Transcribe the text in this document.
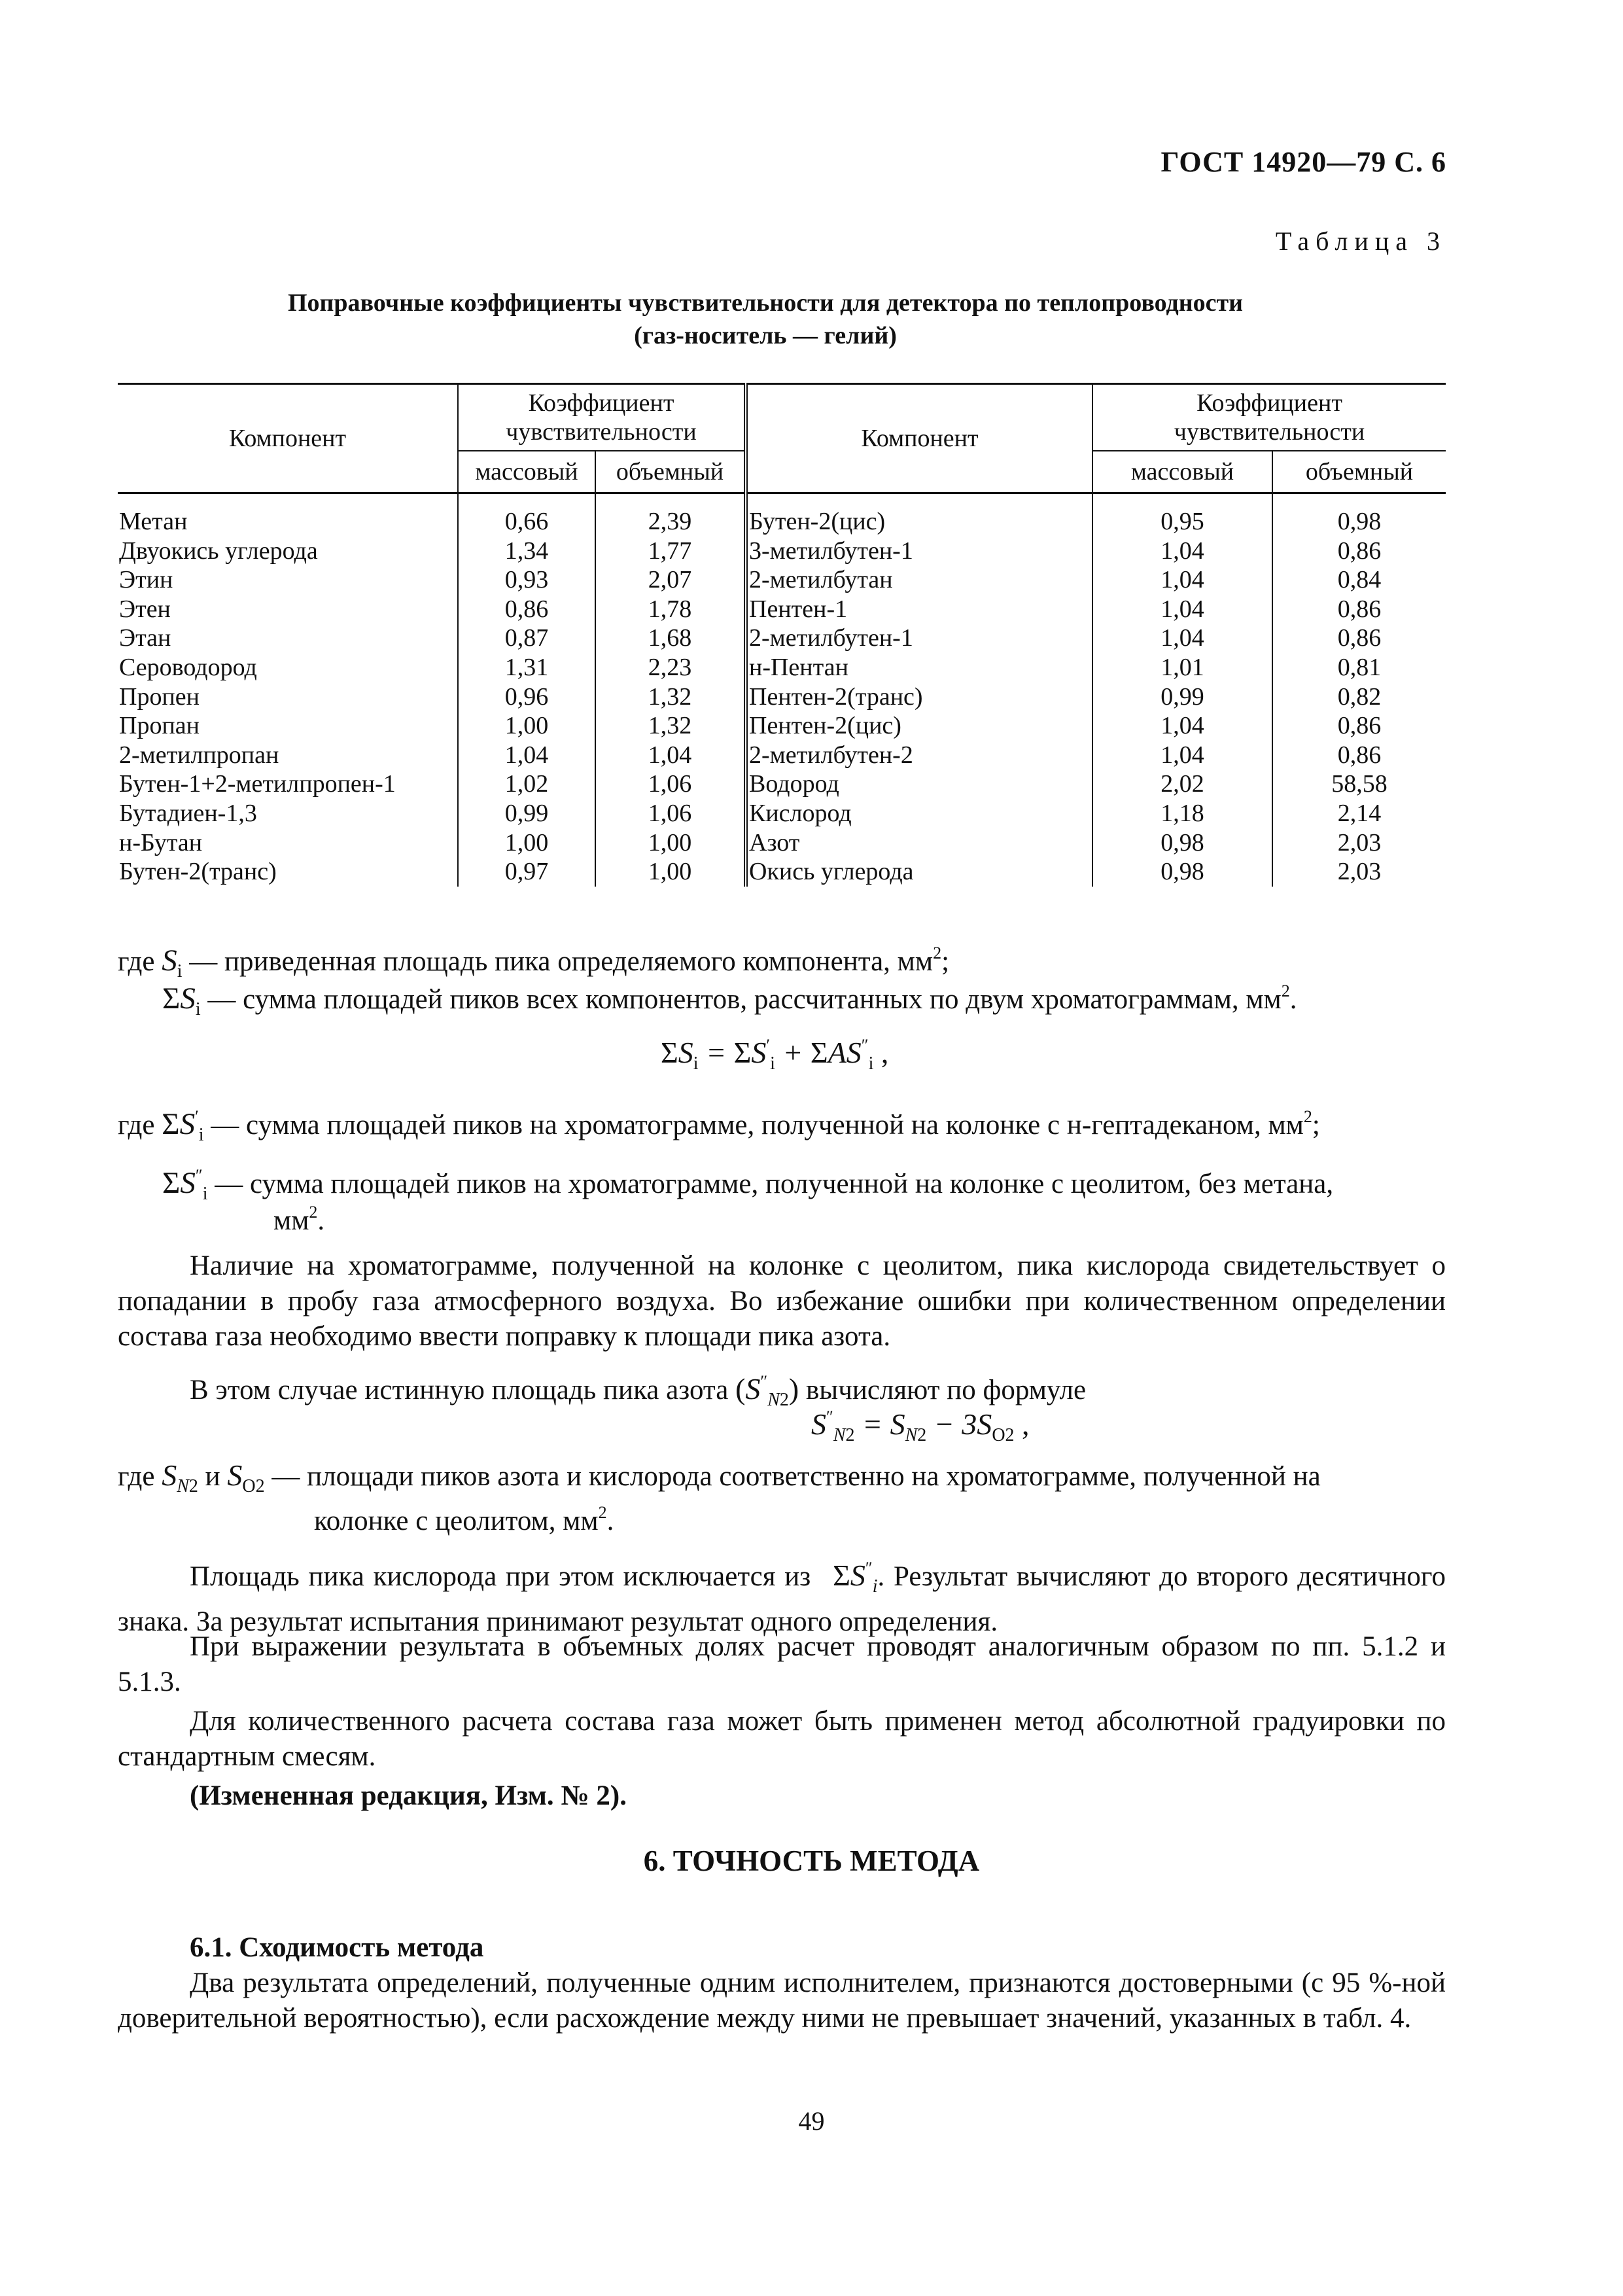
ГОСТ 14920—79 С. 6
Таблица 3
Поправочные коэффициенты чувствительности для детектора по теплопроводности
(газ-носитель — гелий)
Компонент	Коэффициент чувствительности		Компонент	Коэффициент чувствительности	
	массовый	объемный		массовый	объемный
Метан	0,66	2,39	Бутен-2(цис)	0,95	0,98
Двуокись углерода	1,34	1,77	3-метилбутен-1	1,04	0,86
Этин	0,93	2,07	2-метилбутан	1,04	0,84
Этен	0,86	1,78	Пентен-1	1,04	0,86
Этан	0,87	1,68	2-метилбутен-1	1,04	0,86
Сероводород	1,31	2,23	н-Пентан	1,01	0,81
Пропен	0,96	1,32	Пентен-2(транс)	0,99	0,82
Пропан	1,00	1,32	Пентен-2(цис)	1,04	0,86
2-метилпропан	1,04	1,04	2-метилбутен-2	1,04	0,86
Бутен-1+2-метилпропен-1	1,02	1,06	Водород	2,02	58,58
Бутадиен-1,3	0,99	1,06	Кислород	1,18	2,14
н-Бутан	1,00	1,00	Азот	0,98	2,03
Бутен-2(транс)	0,97	1,00	Окись углерода	0,98	2,03
где $S_i$ — приведенная площадь пика определяемого компонента, $мм^2$;
$\Sigma S_i$ — сумма площадей пиков всех компонентов, рассчитанных по двум хроматограммам, $мм^2$.
$\Sigma S_i = \Sigma S'_i + \Sigma AS''_i$ ,
где $\Sigma S'_i$ — сумма площадей пиков на хроматограмме, полученной на колонке с н-гептадеканом, $мм^2$;
$\Sigma S''_i$ — сумма площадей пиков на хроматограмме, полученной на колонке с цеолитом, без метана,
$мм^2$.
Наличие на хроматограмме, полученной на колонке с цеолитом, пика кислорода свидетельствует о попадании в пробу газа атмосферного воздуха. Во избежание ошибки при количественном определении состава газа необходимо ввести поправку к площади пика азота.
В этом случае истинную площадь пика азота $(S''_{N2})$ вычисляют по формуле
$S''_{N2} = S_{N2} - 3S_{O2}$ ,
где $S_{N2}$ и $S_{O2}$ — площади пиков азота и кислорода соответственно на хроматограмме, полученной на
колонке с цеолитом, $мм^2$.
Площадь пика кислорода при этом исключается из $\Sigma S''_i$. Результат вычисляют до второго десятичного знака. За результат испытания принимают результат одного определения.
При выражении результата в объемных долях расчет проводят аналогичным образом по пп. 5.1.2 и 5.1.3.
Для количественного расчета состава газа может быть применен метод абсолютной градуировки по стандартным смесям.
(Измененная редакция, Изм. № 2).
6. ТОЧНОСТЬ МЕТОДА
6.1. Сходимость метода
Два результата определений, полученные одним исполнителем, признаются достоверными (с 95 %-ной доверительной вероятностью), если расхождение между ними не превышает значений, указанных в табл. 4.
49
